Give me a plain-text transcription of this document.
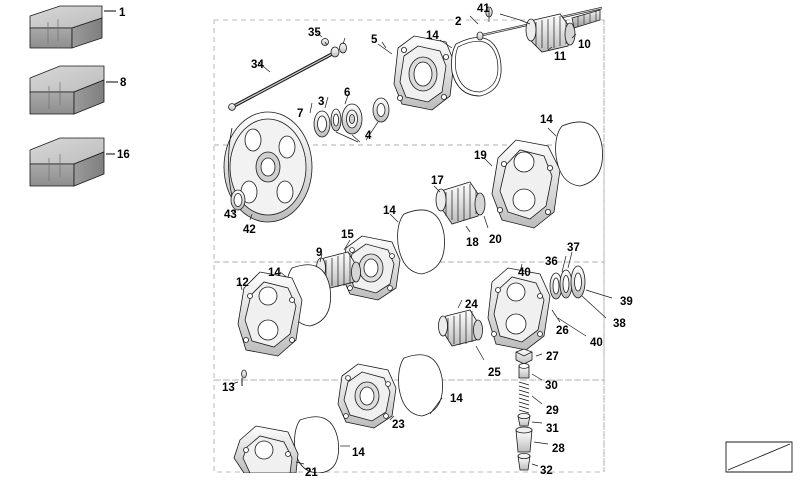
1
8
16
35
34
5	14
2
41
11
10
3
6
7
4
14
19
17
43
42
14
18 20
15
9	37
36
40
12
14
24	39
38
26
40
27
25
13	30
14
29
31
23
28
14
32
21
